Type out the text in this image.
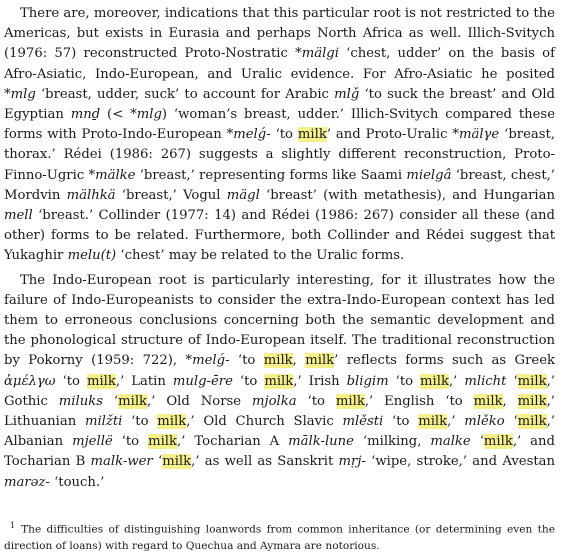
There are, moreover, indications that this particular root is not restricted to the Americas, but exists in Eurasia and perhaps North Africa as well. Illich-Svitych (1976: 57) reconstructed Proto-Nostratic *mälgi ‘chest, udder’ on the basis of Afro-Asiatic, Indo-European, and Uralic evidence. For Afro-Asiatic he posited *mlg ‘breast, udder, suck’ to account for Arabic mlǧ ‘to suck the breast’ and Old Egyptian mnḏ (< *mlg) ‘woman’s breast, udder.’ Illich-Svitych compared these forms with Proto-Indo-European *melǵ- ‘to milk’ and Proto-Uralic *mälγe ‘breast, thorax.’ Rédei (1986: 267) suggests a slightly different reconstruction, Proto-Finno-Ugric *mälke ‘breast,’ representing forms like Saami mielgâ ‘breast, chest,’ Mordvin mälhkä ‘breast,’ Vogul mägl ‘breast’ (with metathesis), and Hungarian mell ‘breast.’ Collinder (1977: 14) and Rédei (1986: 267) consider all these (and other) forms to be related. Furthermore, both Collinder and Rédei suggest that Yukaghir melu(t) ‘chest’ may be related to the Uralic forms.

The Indo-European root is particularly interesting, for it illustrates how the failure of Indo-Europeanists to consider the extra-Indo-European context has led them to erroneous conclusions concerning both the semantic development and the phonological structure of Indo-European itself. The traditional reconstruction by Pokorny (1959: 722), *melǵ- ‘to milk, milk’ reflects forms such as Greek ἀμέλγω ‘to milk,’ Latin mulg-ēre ‘to milk,’ Irish bligim ‘to milk,’ mlicht ‘milk,’ Gothic miluks ‘milk,’ Old Norse mjolka ‘to milk,’ English ‘to milk, milk,’ Lithuanian milžti ‘to milk,’ Old Church Slavic mlěsti ‘to milk,’ mlěko ‘milk,’ Albanian mjellë ‘to milk,’ Tocharian A mālk-lune ‘milking, malke ‘milk,’ and Tocharian B malk-wer ‘milk,’ as well as Sanskrit mṛj- ‘wipe, stroke,’ and Avestan marəz- ‘touch.’

$^1$ The difficulties of distinguishing loanwords from common inheritance (or determining even the direction of loans) with regard to Quechua and Aymara are notorious.
